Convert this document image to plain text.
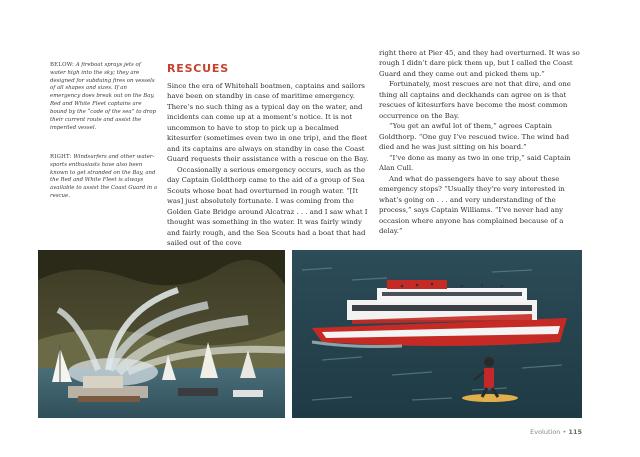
BELOW: A fireboat sprays jets of water high into the sky; they are designed for subduing fires on vessels of all shapes and sizes. If an emergency does break out on the Bay, Red and White Fleet captains are bound by the “code of the sea” to drop their current route and assist the imperiled vessel.

RIGHT: Windsurfers and other water-sports enthusiasts have also been known to get stranded on the Bay, and the Red and White Fleet is always available to assist the Coast Guard in a rescue.

RESCUES

Since the era of Whitehall boatmen, captains and sailors have been on standby in case of maritime emergency. There’s no such thing as a typical day on the water, and incidents can come up at a moment’s notice. It is not uncommon to have to stop to pick up a becalmed kitesurfer (sometimes even two in one trip), and the fleet and its captains are always on standby in case the Coast Guard requests their assistance with a rescue on the Bay.

Occasionally a serious emergency occurs, such as the day Captain Goldthorp came to the aid of a group of Sea Scouts whose boat had overturned in rough water. “[It was] just absolutely fortunate. I was coming from the Golden Gate Bridge around Alcatraz . . . and I saw what I thought was something in the water. It was fairly windy and fairly rough, and the Sea Scouts had a boat that had sailed out of the cove

right there at Pier 45, and they had overturned. It was so rough I didn’t dare pick them up, but I called the Coast Guard and they came out and picked them up.”

Fortunately, most rescues are not that dire, and one thing all captains and deckhands can agree on is that rescues of kitesurfers have become the most common occurrence on the Bay.

“You get an awful lot of them,” agrees Captain Goldthorp. “One guy I’ve rescued twice. The wind had died and he was just sitting on his board.”

“I’ve done as many as two in one trip,” said Captain Alan Cull.

And what do passengers have to say about these emergency stops? “Usually they’re very interested in what’s going on . . . and very understanding of the process,” says Captain Williams. “I’ve never had any occasion where anyone has complained because of a delay.”

Evolution • 115
